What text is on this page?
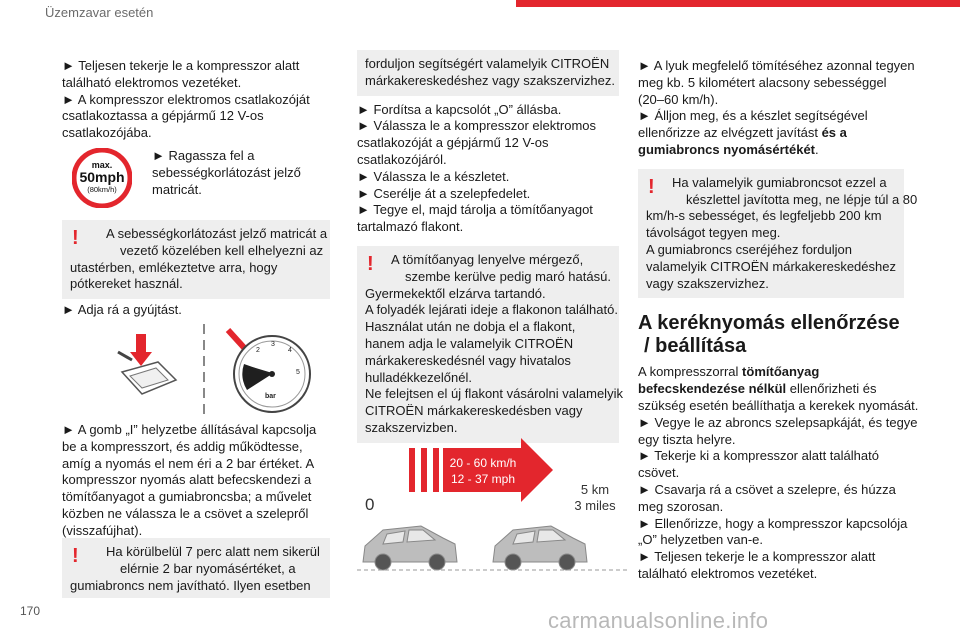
Üzemzavar esetén
► Teljesen tekerje le a kompresszor alatt
található elektromos vezetéket.
► A kompresszor elektromos csatlakozóját
csatlakoztassa a gépjármű 12 V-os
csatlakozójába.
max.
50mph
(80km/h)
► Ragassza fel a
sebességkorlátozást jelző
matricát.
!	A sebességkorlátozást jelző matricát a
vezető közelében kell elhelyezni az
utastérben, emlékeztetve arra, hogy
pótkereket használ.
► Adja rá a gyújtást.
1
2
3
4
5
bar
► A gomb „I” helyzetbe állításával kapcsolja
be a kompresszort, és addig működtesse,
amíg a nyomás el nem éri a 2 bar értéket. A
kompresszor nyomás alatt befecskendezi a
tömítőanyagot a gumiabroncsba; a művelet
közben ne válassza le a csövet a szelepről
(visszafújhat).
!	Ha körülbelül 7 perc alatt nem sikerül
elérnie 2 bar nyomásértéket, a
gumiabroncs nem javítható. Ilyen esetben
forduljon segítségért valamelyik CITROËN
márkakereskedéshez vagy szakszervizhez.
► Fordítsa a kapcsolót „O” állásba.
► Válassza le a kompresszor elektromos
csatlakozóját a gépjármű 12 V-os
csatlakozójáról.
► Válassza le a készletet.
► Cserélje át a szelepfedelet.
► Tegye el, majd tárolja a tömítőanyagot
tartalmazó flakont.
!	A tömítőanyag lenyelve mérgező,
szembe kerülve pedig maró hatású.
Gyermekektől elzárva tartandó.
A folyadék lejárati ideje a flakonon található.
Használat után ne dobja el a flakont,
hanem adja le valamelyik CITROËN
márkakereskedésnél vagy hivatalos
hulladékkezelőnél.
Ne felejtsen el új flakont vásárolni valamelyik
CITROËN márkakereskedésben vagy
szakszervizben.
20 - 60 km/h
12 - 37 mph
0
5 km
3 miles
► A lyuk megfelelő tömítéséhez azonnal tegyen
meg kb. 5 kilométert alacsony sebességgel
(20–60 km/h).
► Álljon meg, és a készlet segítségével
ellenőrizze az elvégzett javítást és a
gumiabroncs nyomásértékét.
!	Ha valamelyik gumiabroncsot ezzel a
készlettel javította meg, ne lépje túl a 80
km/h-s sebességet, és legfeljebb 200 km
távolságot tegyen meg.
A gumiabroncs cseréjéhez forduljon
valamelyik CITROËN márkakereskedéshez
vagy szakszervizhez.

A keréknyomás ellenőrzése
/ beállítása

A kompresszorral tömítőanyag
befecskendezése nélkül ellenőrizheti és
szükség esetén beállíthatja a kerekek nyomását.
► Vegye le az abroncs szelepsapkáját, és tegye
egy tiszta helyre.
► Tekerje ki a kompresszor alatt található
csövet.
► Csavarja rá a csövet a szelepre, és húzza
meg szorosan.
► Ellenőrizze, hogy a kompresszor kapcsolója
„O” helyzetben van-e.
► Teljesen tekerje le a kompresszor alatt
található elektromos vezetéket.
170	carmanualsonline.info
